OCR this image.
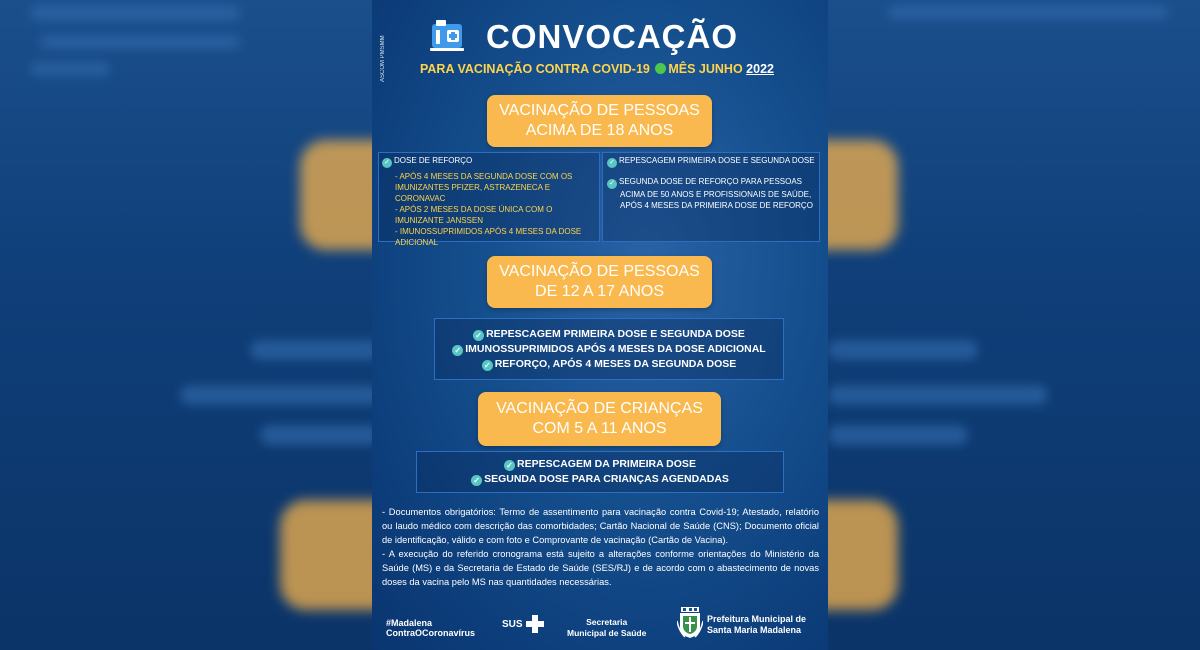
ASCOM PMSMM	CONVOCAÇÃO
PARA VACINAÇÃO CONTRA COVID-19 MÊS JUNHO 2022
VACINAÇÃO DE PESSOAS
ACIMA DE 18 ANOS
✓ DOSE DE REFORÇO
- APÓS 4 MESES DA SEGUNDA DOSE COM OS
IMUNIZANTES PFIZER, ASTRAZENECA E CORONAVAC
- APÓS 2 MESES DA DOSE ÚNICA COM O
IMUNIZANTE JANSSEN
- IMUNOSSUPRIMIDOS APÓS 4 MESES DA DOSE
ADICIONAL
✓ REPESCAGEM PRIMEIRA DOSE E SEGUNDA DOSE
✓ SEGUNDA DOSE DE REFORÇO PARA PESSOAS
ACIMA DE 50 ANOS E PROFISSIONAIS DE SAÚDE,
APÓS 4 MESES DA PRIMEIRA DOSE DE REFORÇO
VACINAÇÃO DE PESSOAS
DE 12 A 17 ANOS
✓ REPESCAGEM PRIMEIRA DOSE E SEGUNDA DOSE
✓ IMUNOSSUPRIMIDOS APÓS 4 MESES DA DOSE ADICIONAL
✓ REFORÇO, APÓS 4 MESES DA SEGUNDA DOSE
VACINAÇÃO DE CRIANÇAS
COM 5 A 11 ANOS
✓ REPESCAGEM DA PRIMEIRA DOSE
✓ SEGUNDA DOSE PARA CRIANÇAS AGENDADAS

- Documentos obrigatórios: Termo de assentimento para vacinação contra Covid-19; Atestado, relatório ou laudo médico com descrição das comorbidades; Cartão Nacional de Saúde (CNS); Documento oficial de identificação, válido e com foto e Comprovante de vacinação (Cartão de Vacina).

- A execução do referido cronograma está sujeito a alterações conforme orientações do Ministério da Saúde (MS) e da Secretaria de Estado de Saúde (SES/RJ) e de acordo com o abastecimento de novas doses da vacina pelo MS nas quantidades necessárias.

#Madalena
ContraOCoronavírus
SUS	Secretaria
Municipal de Saúde
Prefeitura Municipal de
Santa Maria Madalena
